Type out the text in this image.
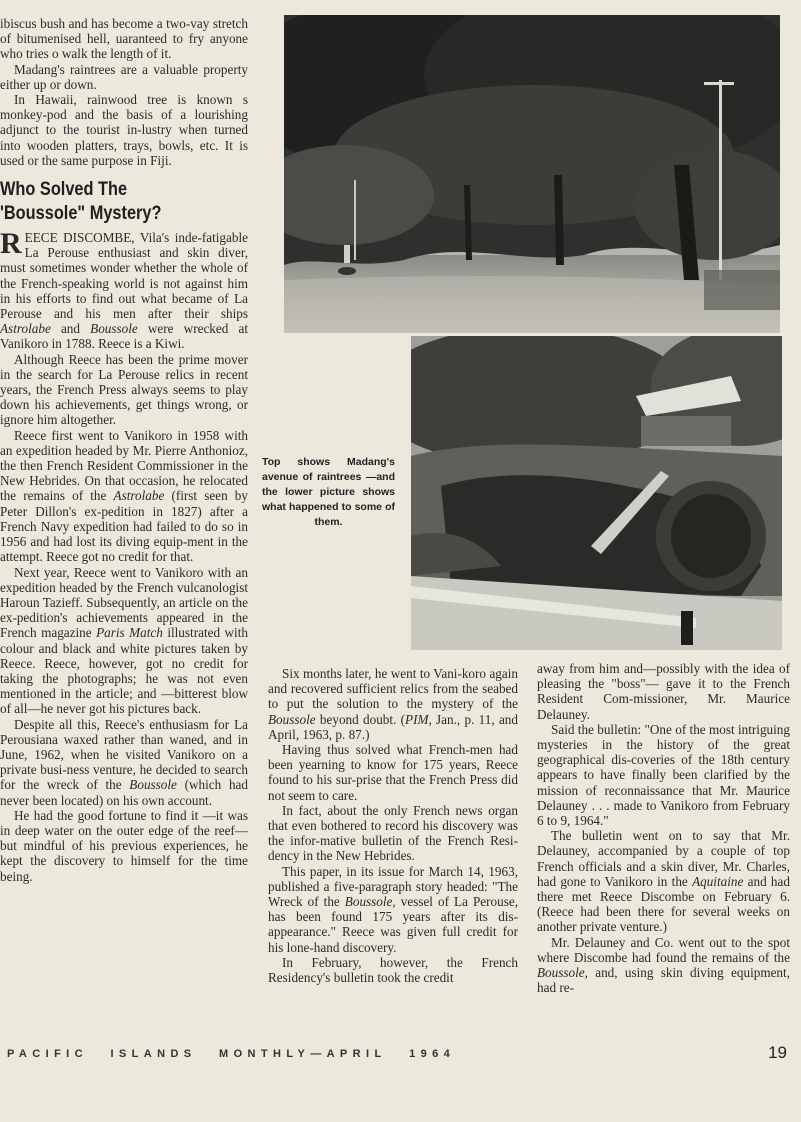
ibiscus bush and has become a two-vay stretch of bitumenised hell, uaranteed to fry anyone who tries o walk the length of it.

Madang's raintrees are a valuable property either up or down.

In Hawaii, rainwood tree is known s monkey-pod and the basis of a lourishing adjunct to the tourist in-lustry when turned into wooden platters, trays, bowls, etc. It is used or the same purpose in Fiji.

Who Solved The
'Boussole" Mystery?

REECE DISCOMBE, Vila's inde-fatigable La Perouse enthusiast and skin diver, must sometimes wonder whether the whole of the French-speaking world is not against him in his efforts to find out what became of La Perouse and his men after their ships Astrolabe and Boussole were wrecked at Vanikoro in 1788. Reece is a Kiwi.

Although Reece has been the prime mover in the search for La Perouse relics in recent years, the French Press always seems to play down his achievements, get things wrong, or ignore him altogether.

Reece first went to Vanikoro in 1958 with an expedition headed by Mr. Pierre Anthonioz, the then French Resident Commissioner in the New Hebrides. On that occasion, he relocated the remains of the Astrolabe (first seen by Peter Dillon's ex-pedition in 1827) after a French Navy expedition had failed to do so in 1956 and had lost its diving equip-ment in the attempt. Reece got no credit for that.

Next year, Reece went to Vanikoro with an expedition headed by the French vulcanologist Haroun Tazieff. Subsequently, an article on the ex-pedition's achievements appeared in the French magazine Paris Match illustrated with colour and black and white pictures taken by Reece. Reece, however, got no credit for taking the photographs; he was not even mentioned in the article; and —bitterest blow of all—he never got his pictures back.

Despite all this, Reece's enthusiasm for La Perousiana waxed rather than waned, and in June, 1962, when he visited Vanikoro on a private busi-ness venture, he decided to search for the wreck of the Boussole (which had never been located) on his own account.

He had the good fortune to find it —it was in deep water on the outer edge of the reef—but mindful of his previous experiences, he kept the discovery to himself for the time being.

Top shows Madang's avenue of raintrees —and the lower picture shows what happened to some of them.

Six months later, he went to Vani-koro again and recovered sufficient relics from the seabed to put the solution to the mystery of the Boussole beyond doubt. (PIM, Jan., p. 11, and April, 1963, p. 87.)

Having thus solved what French-men had been yearning to know for 175 years, Reece found to his sur-prise that the French Press did not seem to care.

In fact, about the only French news organ that even bothered to record his discovery was the infor-mative bulletin of the French Resi-dency in the New Hebrides.

This paper, in its issue for March 14, 1963, published a five-paragraph story headed: "The Wreck of the Boussole, vessel of La Perouse, has been found 175 years after its dis-appearance." Reece was given full credit for his lone-hand discovery.

In February, however, the French Residency's bulletin took the credit

away from him and—possibly with the idea of pleasing the "boss"— gave it to the French Resident Com-missioner, Mr. Maurice Delauney.

Said the bulletin: "One of the most intriguing mysteries in the history of the great geographical dis-coveries of the 18th century appears to have finally been clarified by the mission of reconnaissance that Mr. Maurice Delauney . . . made to Vanikoro from February 6 to 9, 1964."

The bulletin went on to say that Mr. Delauney, accompanied by a couple of top French officials and a skin diver, Mr. Charles, had gone to Vanikoro in the Aquitaine and had there met Reece Discombe on February 6. (Reece had been there for several weeks on another private venture.)

Mr. Delauney and Co. went out to the spot where Discombe had found the remains of the Boussole, and, using skin diving equipment, had re-

PACIFIC ISLANDS MONTHLY—APRIL 1964	19
